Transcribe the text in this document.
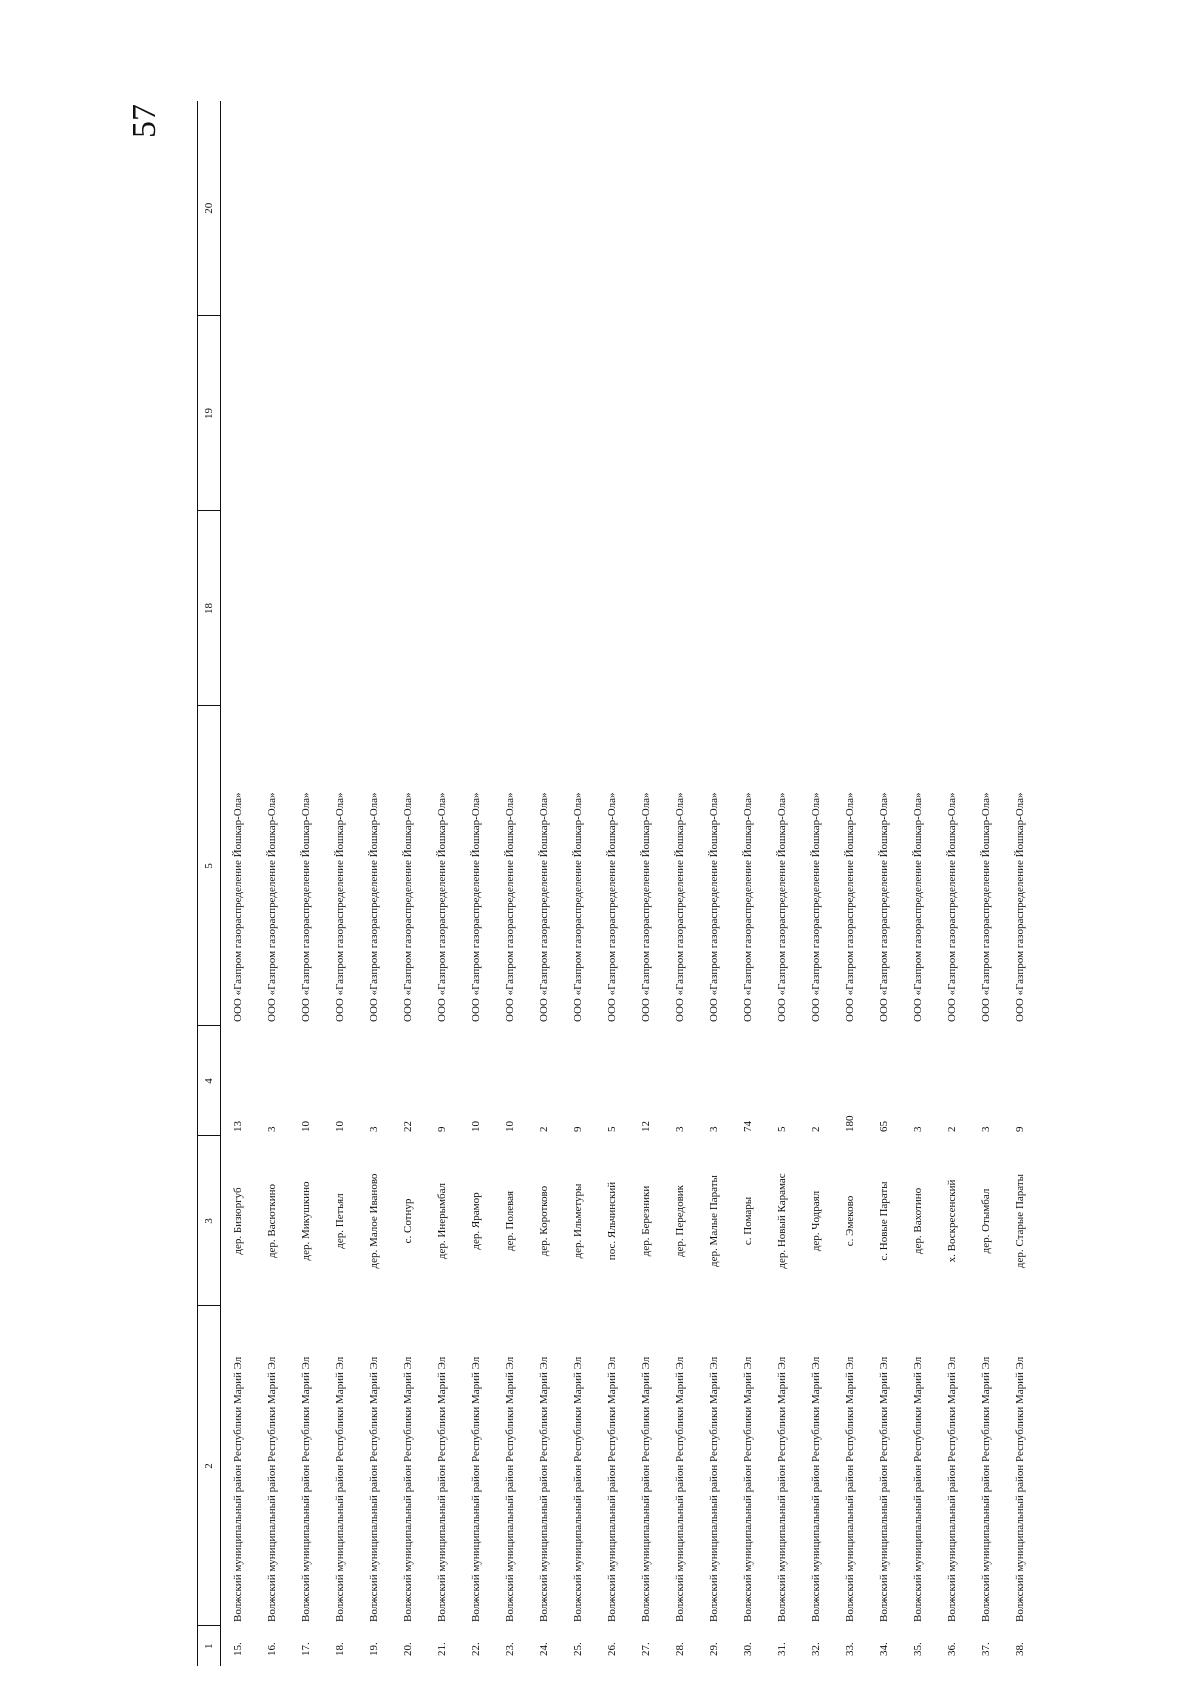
57
1	2	3	4	5	18	19	20
15.	Волжский муниципальный район Республики Марий Эл	дер. Бизюргуб	13	ООО «Газпром газораспределение Йошкар-Ола»			
16.	Волжский муниципальный район Республики Марий Эл	дер. Васюткино	3	ООО «Газпром газораспределение Йошкар-Ола»			
17.	Волжский муниципальный район Республики Марий Эл	дер. Микушкино	10	ООО «Газпром газораспределение Йошкар-Ола»			
18.	Волжский муниципальный район Республики Марий Эл	дер. Петъял	10	ООО «Газпром газораспределение Йошкар-Ола»			
19.	Волжский муниципальный район Республики Марий Эл	дер. Малое Иваново	3	ООО «Газпром газораспределение Йошкар-Ола»			
20.	Волжский муниципальный район Республики Марий Эл	с. Сотнур	22	ООО «Газпром газораспределение Йошкар-Ола»			
21.	Волжский муниципальный район Республики Марий Эл	дер. Инерымбал	9	ООО «Газпром газораспределение Йошкар-Ола»			
22.	Волжский муниципальный район Республики Марий Эл	дер. Ярамор	10	ООО «Газпром газораспределение Йошкар-Ола»			
23.	Волжский муниципальный район Республики Марий Эл	дер. Полевая	10	ООО «Газпром газораспределение Йошкар-Ола»			
24.	Волжский муниципальный район Республики Марий Эл	дер. Коротково	2	ООО «Газпром газораспределение Йошкар-Ола»			
25.	Волжский муниципальный район Республики Марий Эл	дер. Ильметуры	9	ООО «Газпром газораспределение Йошкар-Ола»			
26.	Волжский муниципальный район Республики Марий Эл	пос. Яльчинский	5	ООО «Газпром газораспределение Йошкар-Ола»			
27.	Волжский муниципальный район Республики Марий Эл	дер. Березники	12	ООО «Газпром газораспределение Йошкар-Ола»			
28.	Волжский муниципальный район Республики Марий Эл	дер. Передовик	3	ООО «Газпром газораспределение Йошкар-Ола»			
29.	Волжский муниципальный район Республики Марий Эл	дер. Малые Параты	3	ООО «Газпром газораспределение Йошкар-Ола»			
30.	Волжский муниципальный район Республики Марий Эл	с. Помары	74	ООО «Газпром газораспределение Йошкар-Ола»			
31.	Волжский муниципальный район Республики Марий Эл	дер. Новый Карамас	5	ООО «Газпром газораспределение Йошкар-Ола»			
32.	Волжский муниципальный район Республики Марий Эл	дер. Чодраял	2	ООО «Газпром газораспределение Йошкар-Ола»			
33.	Волжский муниципальный район Республики Марий Эл	с. Эмеково	180	ООО «Газпром газораспределение Йошкар-Ола»			
34.	Волжский муниципальный район Республики Марий Эл	с. Новые Параты	65	ООО «Газпром газораспределение Йошкар-Ола»			
35.	Волжский муниципальный район Республики Марий Эл	дер. Вахотино	3	ООО «Газпром газораспределение Йошкар-Ола»			
36.	Волжский муниципальный район Республики Марий Эл	х. Воскресенский	2	ООО «Газпром газораспределение Йошкар-Ола»			
37.	Волжский муниципальный район Республики Марий Эл	дер. Отымбал	3	ООО «Газпром газораспределение Йошкар-Ола»			
38.	Волжский муниципальный район Республики Марий Эл	дер. Старые Параты	9	ООО «Газпром газораспределение Йошкар-Ола»			
